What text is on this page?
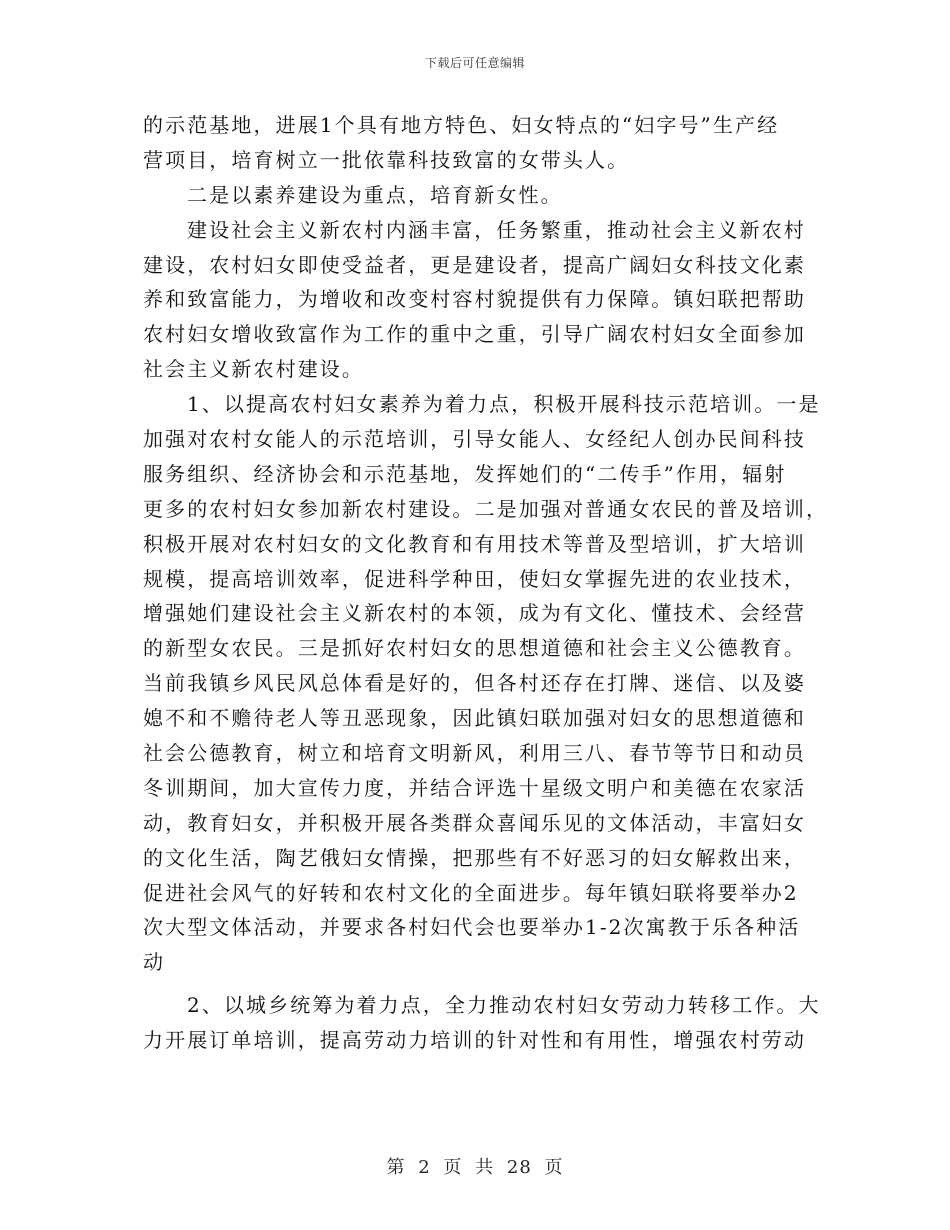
下载后可任意编辑
的示范基地，进展1个具有地方特色、妇女特点的“妇字号”生产经
营项目，培育树立一批依靠科技致富的女带头人。
二是以素养建设为重点，培育新女性。
建设社会主义新农村内涵丰富，任务繁重，推动社会主义新农村
建设，农村妇女即使受益者，更是建设者，提高广阔妇女科技文化素
养和致富能力，为增收和改变村容村貌提供有力保障。镇妇联把帮助
农村妇女增收致富作为工作的重中之重，引导广阔农村妇女全面参加
社会主义新农村建设。
1、以提高农村妇女素养为着力点，积极开展科技示范培训。一是
加强对农村女能人的示范培训，引导女能人、女经纪人创办民间科技
服务组织、经济协会和示范基地，发挥她们的“二传手”作用，辐射
更多的农村妇女参加新农村建设。二是加强对普通女农民的普及培训，
积极开展对农村妇女的文化教育和有用技术等普及型培训，扩大培训
规模，提高培训效率，促进科学种田，使妇女掌握先进的农业技术，
增强她们建设社会主义新农村的本领，成为有文化、懂技术、会经营
的新型女农民。三是抓好农村妇女的思想道德和社会主义公德教育。
当前我镇乡风民风总体看是好的，但各村还存在打牌、迷信、以及婆
媳不和不赡待老人等丑恶现象，因此镇妇联加强对妇女的思想道德和
社会公德教育，树立和培育文明新风，利用三八、春节等节日和动员
冬训期间，加大宣传力度，并结合评选十星级文明户和美德在农家活
动，教育妇女，并积极开展各类群众喜闻乐见的文体活动，丰富妇女
的文化生活，陶艺俄妇女情操，把那些有不好恶习的妇女解救出来，
促进社会风气的好转和农村文化的全面进步。每年镇妇联将要举办2
次大型文体活动，并要求各村妇代会也要举办1-2次寓教于乐各种活
动
2、以城乡统筹为着力点，全力推动农村妇女劳动力转移工作。大
力开展订单培训，提高劳动力培训的针对性和有用性，增强农村劳动
第 2 页 共 28 页
